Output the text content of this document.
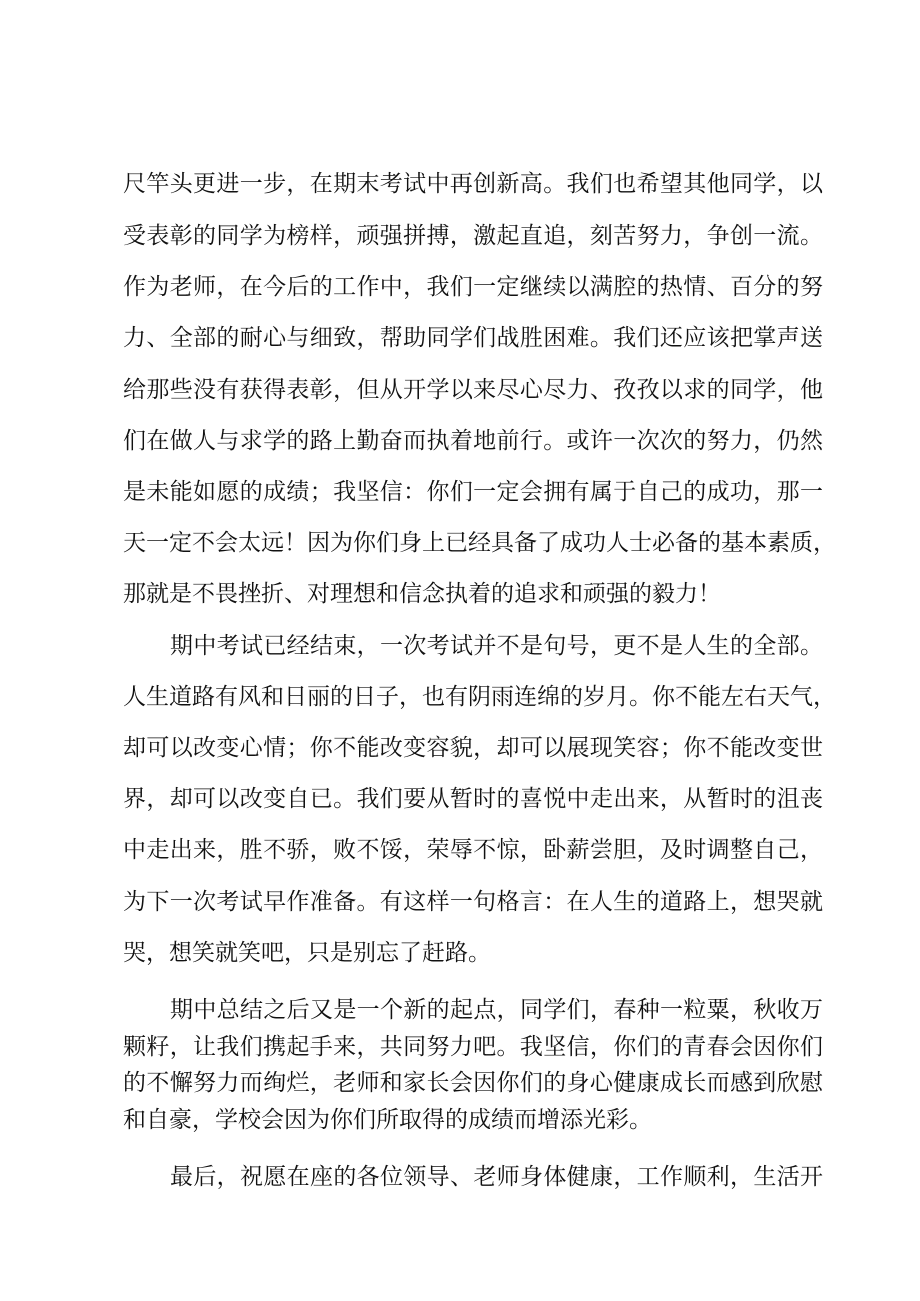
尺竿头更进一步，在期末考试中再创新高。我们也希望其他同学，以

受表彰的同学为榜样，顽强拼搏，激起直追，刻苦努力，争创一流。

作为老师，在今后的工作中，我们一定继续以满腔的热情、百分的努

力、全部的耐心与细致，帮助同学们战胜困难。我们还应该把掌声送

给那些没有获得表彰，但从开学以来尽心尽力、孜孜以求的同学，他

们在做人与求学的路上勤奋而执着地前行。或许一次次的努力，仍然

是未能如愿的成绩；我坚信：你们一定会拥有属于自己的成功，那一

天一定不会太远！因为你们身上已经具备了成功人士必备的基本素质，

那就是不畏挫折、对理想和信念执着的追求和顽强的毅力！

期中考试已经结束，一次考试并不是句号，更不是人生的全部。

人生道路有风和日丽的日子，也有阴雨连绵的岁月。你不能左右天气，

却可以改变心情；你不能改变容貌，却可以展现笑容；你不能改变世

界，却可以改变自已。我们要从暂时的喜悦中走出来，从暂时的沮丧

中走出来，胜不骄，败不馁，荣辱不惊，卧薪尝胆，及时调整自己，

为下一次考试早作准备。有这样一句格言：在人生的道路上，想哭就

哭，想笑就笑吧，只是别忘了赶路。

期中总结之后又是一个新的起点，同学们，春种一粒粟，秋收万

颗籽，让我们携起手来，共同努力吧。我坚信，你们的青春会因你们

的不懈努力而绚烂，老师和家长会因你们的身心健康成长而感到欣慰

和自豪，学校会因为你们所取得的成绩而增添光彩。

最后，祝愿在座的各位领导、老师身体健康，工作顺利，生活开
